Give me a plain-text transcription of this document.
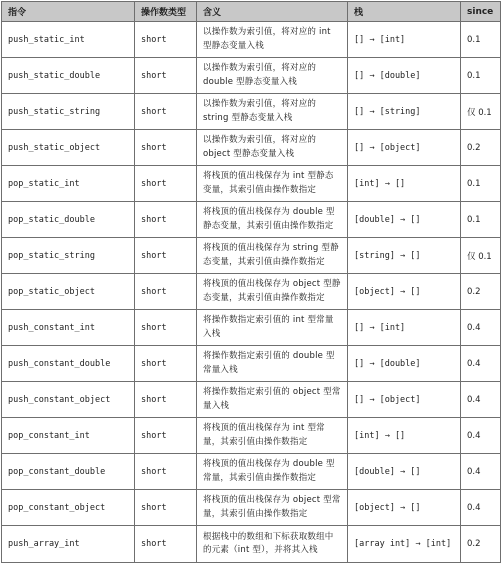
指令	操作数类型	含义	栈	since
push_static_int	short	以操作数为索引值，将对应的 int 型静态变量入栈	[] → [int]	0.1
push_static_double	short	以操作数为索引值，将对应的 double 型静态变量入栈	[] → [double]	0.1
push_static_string	short	以操作数为索引值，将对应的 string 型静态变量入栈	[] → [string]	仅 0.1
push_static_object	short	以操作数为索引值，将对应的 object 型静态变量入栈	[] → [object]	0.2
pop_static_int	short	将栈顶的值出栈保存为 int 型静态变量，其索引值由操作数指定	[int] → []	0.1
pop_static_double	short	将栈顶的值出栈保存为 double 型静态变量，其索引值由操作数指定	[double] → []	0.1
pop_static_string	short	将栈顶的值出栈保存为 string 型静态变量，其索引值由操作数指定	[string] → []	仅 0.1
pop_static_object	short	将栈顶的值出栈保存为 object 型静态变量，其索引值由操作数指定	[object] → []	0.2
push_constant_int	short	将操作数指定索引值的 int 型常量入栈	[] → [int]	0.4
push_constant_double	short	将操作数指定索引值的 double 型常量入栈	[] → [double]	0.4
push_constant_object	short	将操作数指定索引值的 object 型常量入栈	[] → [object]	0.4
pop_constant_int	short	将栈顶的值出栈保存为 int 型常量，其索引值由操作数指定	[int] → []	0.4
pop_constant_double	short	将栈顶的值出栈保存为 double 型常量，其索引值由操作数指定	[double] → []	0.4
pop_constant_object	short	将栈顶的值出栈保存为 object 型常量，其索引值由操作数指定	[object] → []	0.4
push_array_int	short	根据栈中的数组和下标获取数组中的元素（int 型），并将其入栈	[array int] → [int]	0.2
